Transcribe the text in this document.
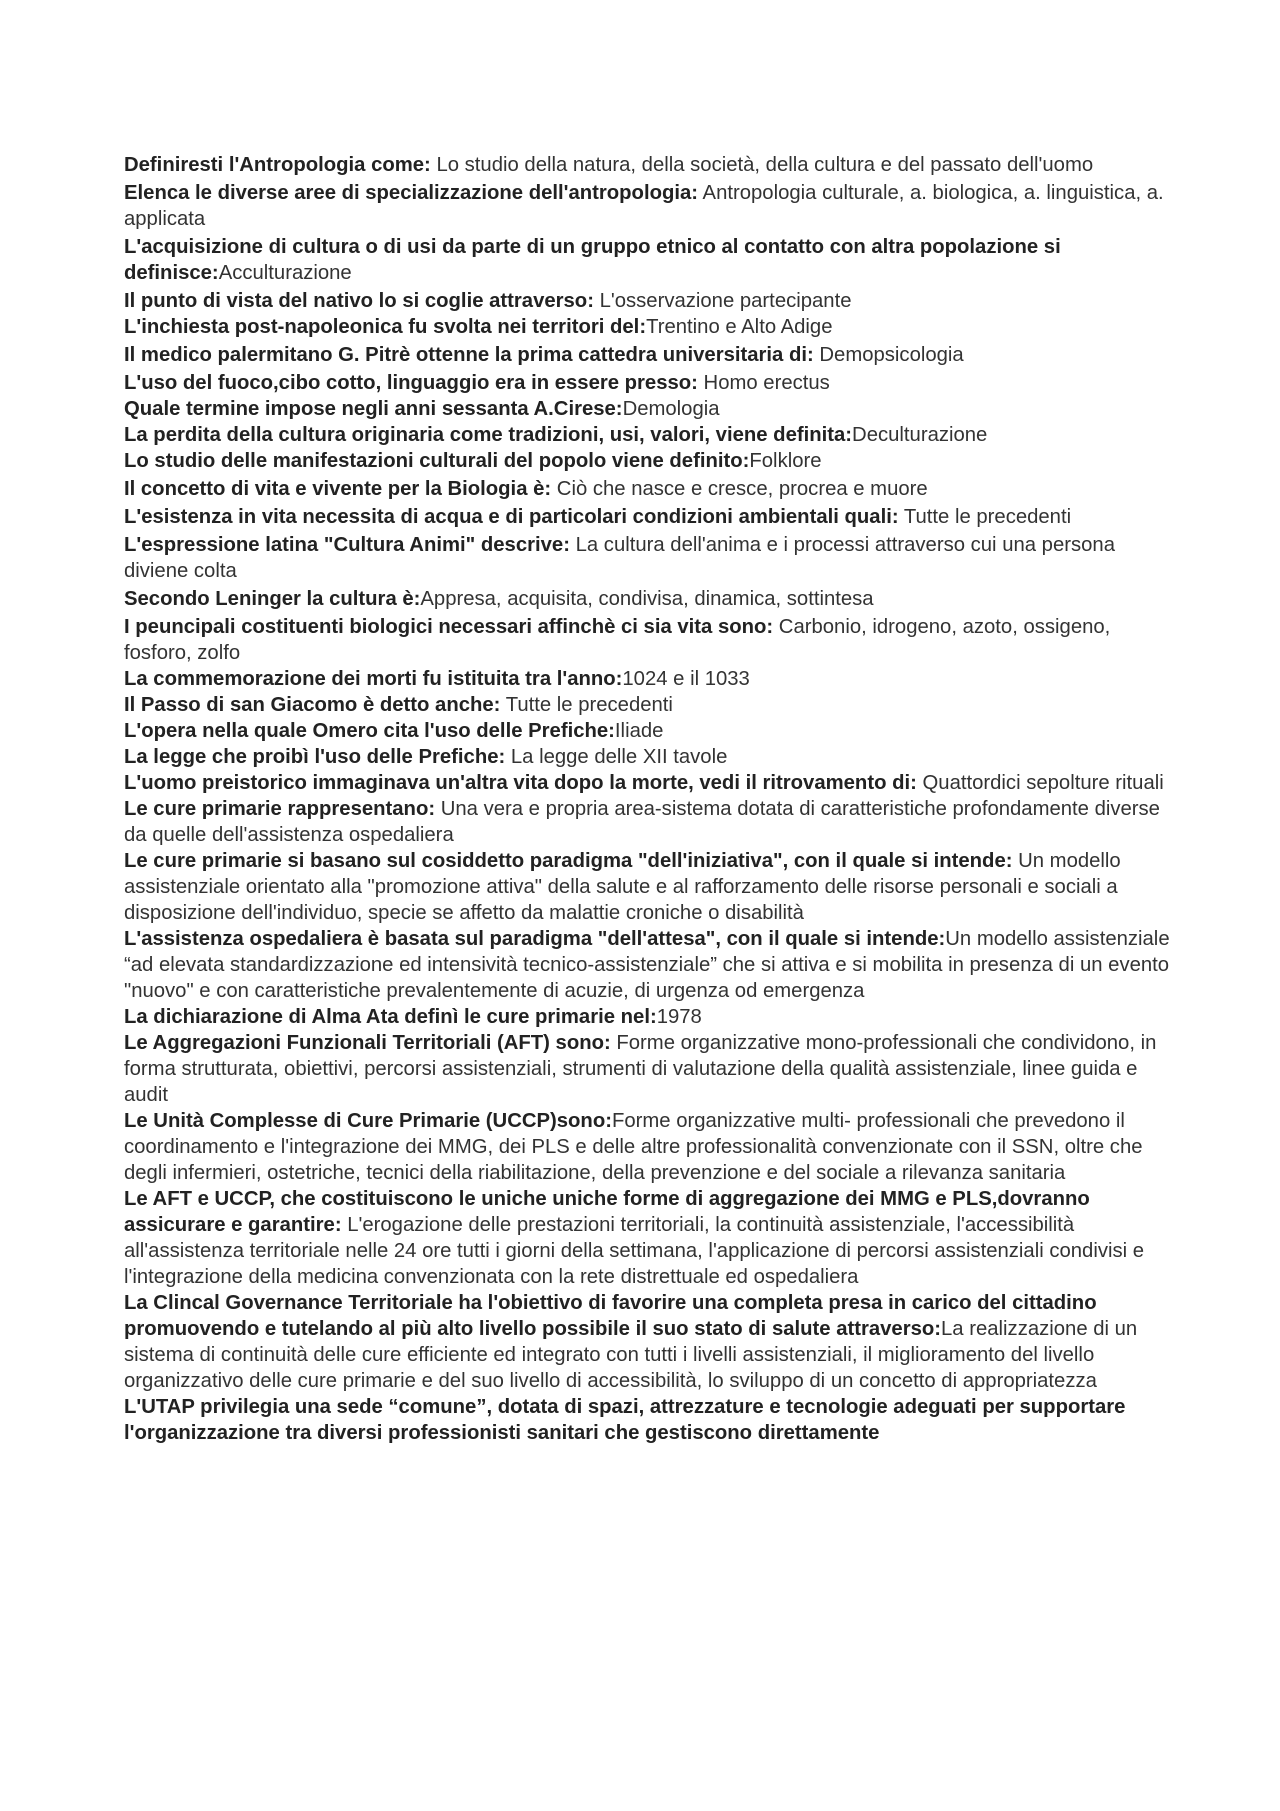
Definiresti l'Antropologia come: Lo studio della natura, della società, della cultura e del passato dell'uomo

Elenca le diverse aree di specializzazione dell'antropologia: Antropologia culturale, a. biologica, a. linguistica, a. applicata

L'acquisizione di cultura o di usi da parte di un gruppo etnico al contatto con altra popolazione si definisce:Acculturazione

Il punto di vista del nativo lo si coglie attraverso: L'osservazione partecipante

L'inchiesta post-napoleonica fu svolta nei territori del:Trentino e Alto Adige

Il medico palermitano G. Pitrè ottenne la prima cattedra universitaria di: Demopsicologia

L'uso del fuoco,cibo cotto, linguaggio era in essere presso: Homo erectus

Quale termine impose negli anni sessanta A.Cirese:Demologia

La perdita della cultura originaria come tradizioni, usi, valori, viene definita:Deculturazione

Lo studio delle manifestazioni culturali del popolo viene definito:Folklore

Il concetto di vita e vivente per la Biologia è: Ciò che nasce e cresce, procrea e muore

L'esistenza in vita necessita di acqua e di particolari condizioni ambientali quali: Tutte le precedenti

L'espressione latina "Cultura Animi" descrive: La cultura dell'anima e i processi attraverso cui una persona diviene colta

Secondo Leninger la cultura è:Appresa, acquisita, condivisa, dinamica, sottintesa

I peuncipali costituenti biologici necessari affinchè ci sia vita sono: Carbonio, idrogeno, azoto, ossigeno, fosforo, zolfo

La commemorazione dei morti fu istituita tra l'anno:1024 e il 1033

Il Passo di san Giacomo è detto anche: Tutte le precedenti

L'opera nella quale Omero cita l'uso delle Prefiche:Iliade

La legge che proibì l'uso delle Prefiche: La legge delle XII tavole

L'uomo preistorico immaginava un'altra vita dopo la morte, vedi il ritrovamento di: Quattordici sepolture rituali

Le cure primarie rappresentano: Una vera e propria area-sistema dotata di caratteristiche profondamente diverse da quelle dell'assistenza ospedaliera

Le cure primarie si basano sul cosiddetto paradigma "dell'iniziativa", con il quale si intende: Un modello assistenziale orientato alla "promozione attiva" della salute e al rafforzamento delle risorse personali e sociali a disposizione dell'individuo, specie se affetto da malattie croniche o disabilità

L'assistenza ospedaliera è basata sul paradigma "dell'attesa", con il quale si intende:Un modello assistenziale “ad elevata standardizzazione ed intensività tecnico-assistenziale” che si attiva e si mobilita in presenza di un evento "nuovo" e con caratteristiche prevalentemente di acuzie, di urgenza od emergenza

La dichiarazione di Alma Ata definì le cure primarie nel:1978

Le Aggregazioni Funzionali Territoriali (AFT) sono: Forme organizzative mono-professionali che condividono, in forma strutturata, obiettivi, percorsi assistenziali, strumenti di valutazione della qualità assistenziale, linee guida e audit

Le Unità Complesse di Cure Primarie (UCCP)sono:Forme organizzative multi- professionali che prevedono il coordinamento e l'integrazione dei MMG, dei PLS e delle altre professionalità convenzionate con il SSN, oltre che degli infermieri, ostetriche, tecnici della riabilitazione, della prevenzione e del sociale a rilevanza sanitaria

Le AFT e UCCP, che costituiscono le uniche uniche forme di aggregazione dei MMG e PLS,dovranno assicurare e garantire: L'erogazione delle prestazioni territoriali, la continuità assistenziale, l'accessibilità all'assistenza territoriale nelle 24 ore tutti i giorni della settimana, l'applicazione di percorsi assistenziali condivisi e l'integrazione della medicina convenzionata con la rete distrettuale ed ospedaliera

La Clincal Governance Territoriale ha l'obiettivo di favorire una completa presa in carico del cittadino promuovendo e tutelando al più alto livello possibile il suo stato di salute attraverso:La realizzazione di un sistema di continuità delle cure efficiente ed integrato con tutti i livelli assistenziali, il miglioramento del livello organizzativo delle cure primarie e del suo livello di accessibilità, lo sviluppo di un concetto di appropriatezza

L'UTAP privilegia una sede “comune”, dotata di spazi, attrezzature e tecnologie adeguati per supportare l'organizzazione tra diversi professionisti sanitari che gestiscono direttamente
